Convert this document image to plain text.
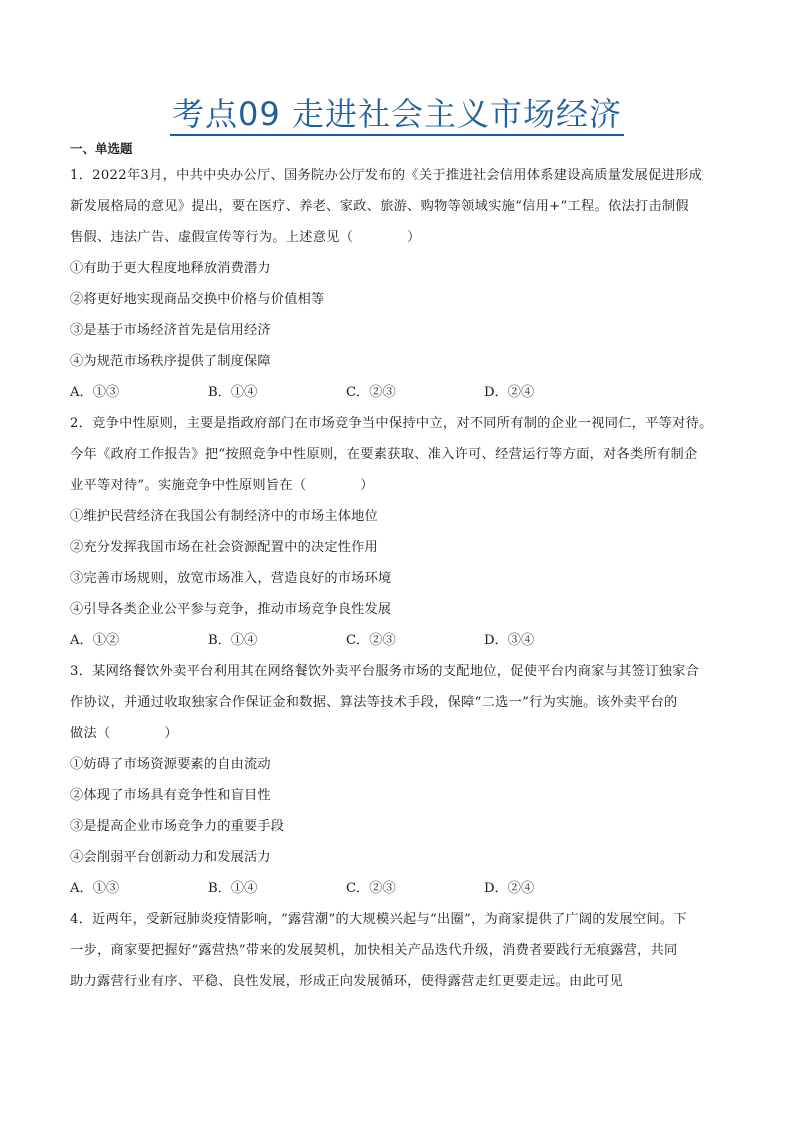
考点09 走进社会主义市场经济
一、单选题

1．2022年3月，中共中央办公厅、国务院办公厅发布的《关于推进社会信用体系建设高质量发展促进形成

新发展格局的意见》提出，要在医疗、养老、家政、旅游、购物等领域实施“信用+”工程。依法打击制假

售假、违法广告、虚假宣传等行为。上述意见（　　　　）

①有助于更大程度地释放消费潜力

②将更好地实现商品交换中价格与价值相等

③是基于市场经济首先是信用经济

④为规范市场秩序提供了制度保障

A．①③	B．①④	C．②③	D．②④

2．竞争中性原则，主要是指政府部门在市场竞争当中保持中立，对不同所有制的企业一视同仁，平等对待。

今年《政府工作报告》把“按照竞争中性原则，在要素获取、准入许可、经营运行等方面，对各类所有制企

业平等对待”。实施竞争中性原则旨在（　　　　）

①维护民营经济在我国公有制经济中的市场主体地位

②充分发挥我国市场在社会资源配置中的决定性作用

③完善市场规则，放宽市场准入，营造良好的市场环境

④引导各类企业公平参与竞争，推动市场竞争良性发展

A．①②	B．①④	C．②③	D．③④

3．某网络餐饮外卖平台利用其在网络餐饮外卖平台服务市场的支配地位，促使平台内商家与其签订独家合

作协议，并通过收取独家合作保证金和数据、算法等技术手段，保障“二选一”行为实施。该外卖平台的

做法（　　　　）

①妨碍了市场资源要素的自由流动

②体现了市场具有竞争性和盲目性

③是提高企业市场竞争力的重要手段

④会削弱平台创新动力和发展活力

A．①③	B．①④	C．②③	D．②④

4．近两年，受新冠肺炎疫情影响，“露营潮”的大规模兴起与“出圈”，为商家提供了广阔的发展空间。下

一步，商家要把握好“露营热”带来的发展契机，加快相关产品迭代升级，消费者要践行无痕露营，共同

助力露营行业有序、平稳、良性发展，形成正向发展循环，使得露营走红更要走远。由此可见
